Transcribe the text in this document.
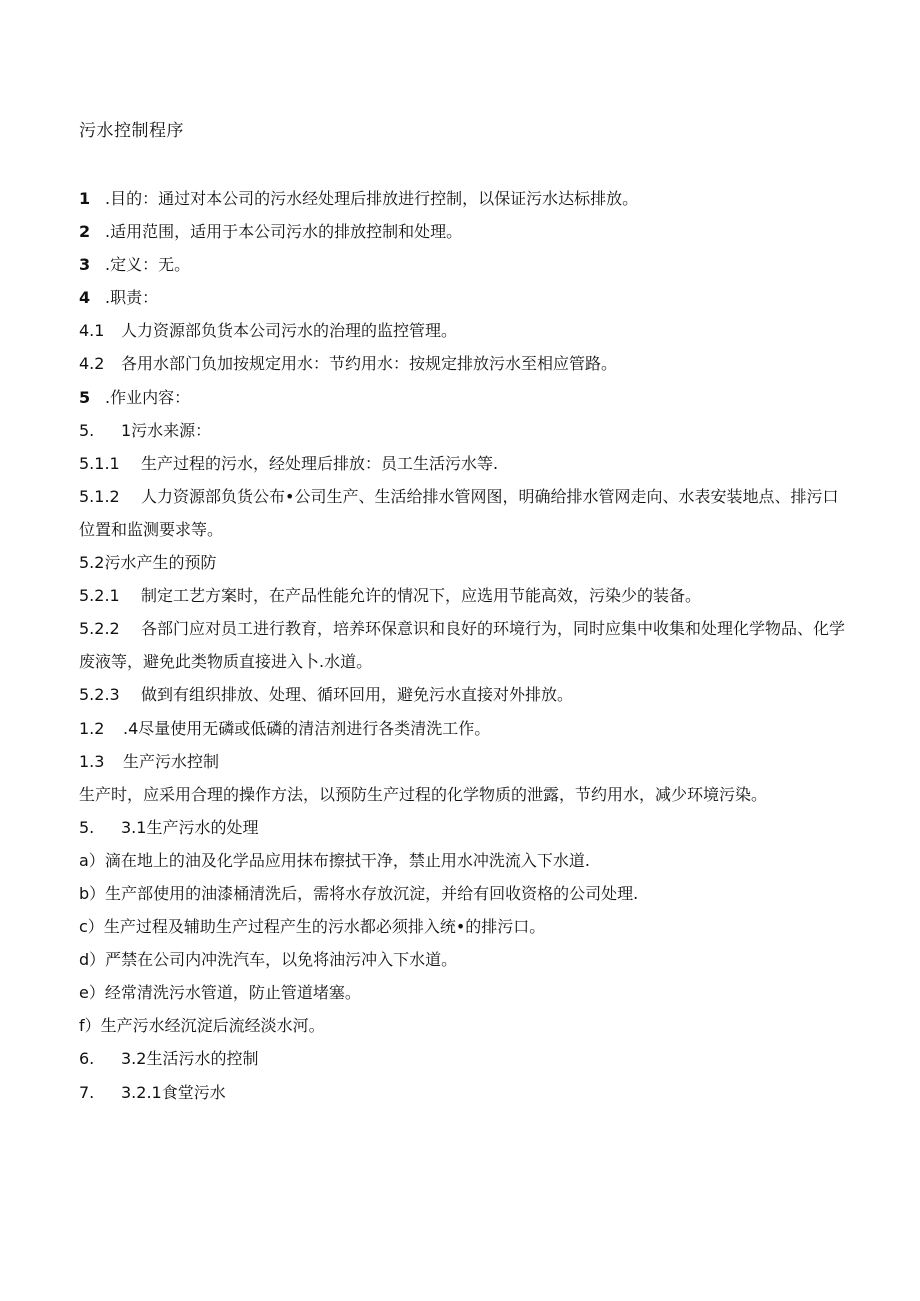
污水控制程序
1 .目的：通过对本公司的污水经处理后排放进行控制，以保证污水达标排放。
2 .适用范围，适用于本公司污水的排放控制和处理。
3 .定义：无。
4 .职责：
4.1 人力资源部负货本公司污水的治理的监控管理。
4.2 各用水部门负加按规定用水：节约用水：按规定排放污水至相应管路。
5 .作业内容：
5. 1污水来源：
5.1.1 生产过程的污水，经处理后排放：员工生活污水等.
5.1.2 人力资源部负货公布•公司生产、生活给排水管网图，明确给排水管网走向、水表安装地点、排污口位置和监测要求等。
5.2污水产生的预防
5.2.1 制定工艺方案时，在产品性能允许的情况下，应选用节能高效，污染少的装备。
5.2.2 各部门应对员工进行教育，培养环保意识和良好的环境行为，同时应集中收集和处理化学物品、化学废液等，避免此类物质直接进入卜.水道。
5.2.3 做到有组织排放、处理、循环回用，避免污水直接对外排放。
1.2 .4尽量使用无磷或低磷的清洁剂进行各类清洗工作。
1.3 生产污水控制
生产时，应采用合理的操作方法，以预防生产过程的化学物质的泄露，节约用水，减少环境污染。
5. 3.1生产污水的处理
a）滴在地上的油及化学品应用抹布擦拭干净，禁止用水冲洗流入下水道.
b）生产部使用的油漆桶清洗后，需将水存放沉淀，并给有回收资格的公司处理.
c）生产过程及辅助生产过程产生的污水都必须排入统•的排污口。
d）严禁在公司内冲洗汽车，以免将油污冲入下水道。
e）经常清洗污水管道，防止管道堵塞。
f）生产污水经沉淀后流经淡水河。
6. 3.2生活污水的控制
7. 3.2.1食堂污水
